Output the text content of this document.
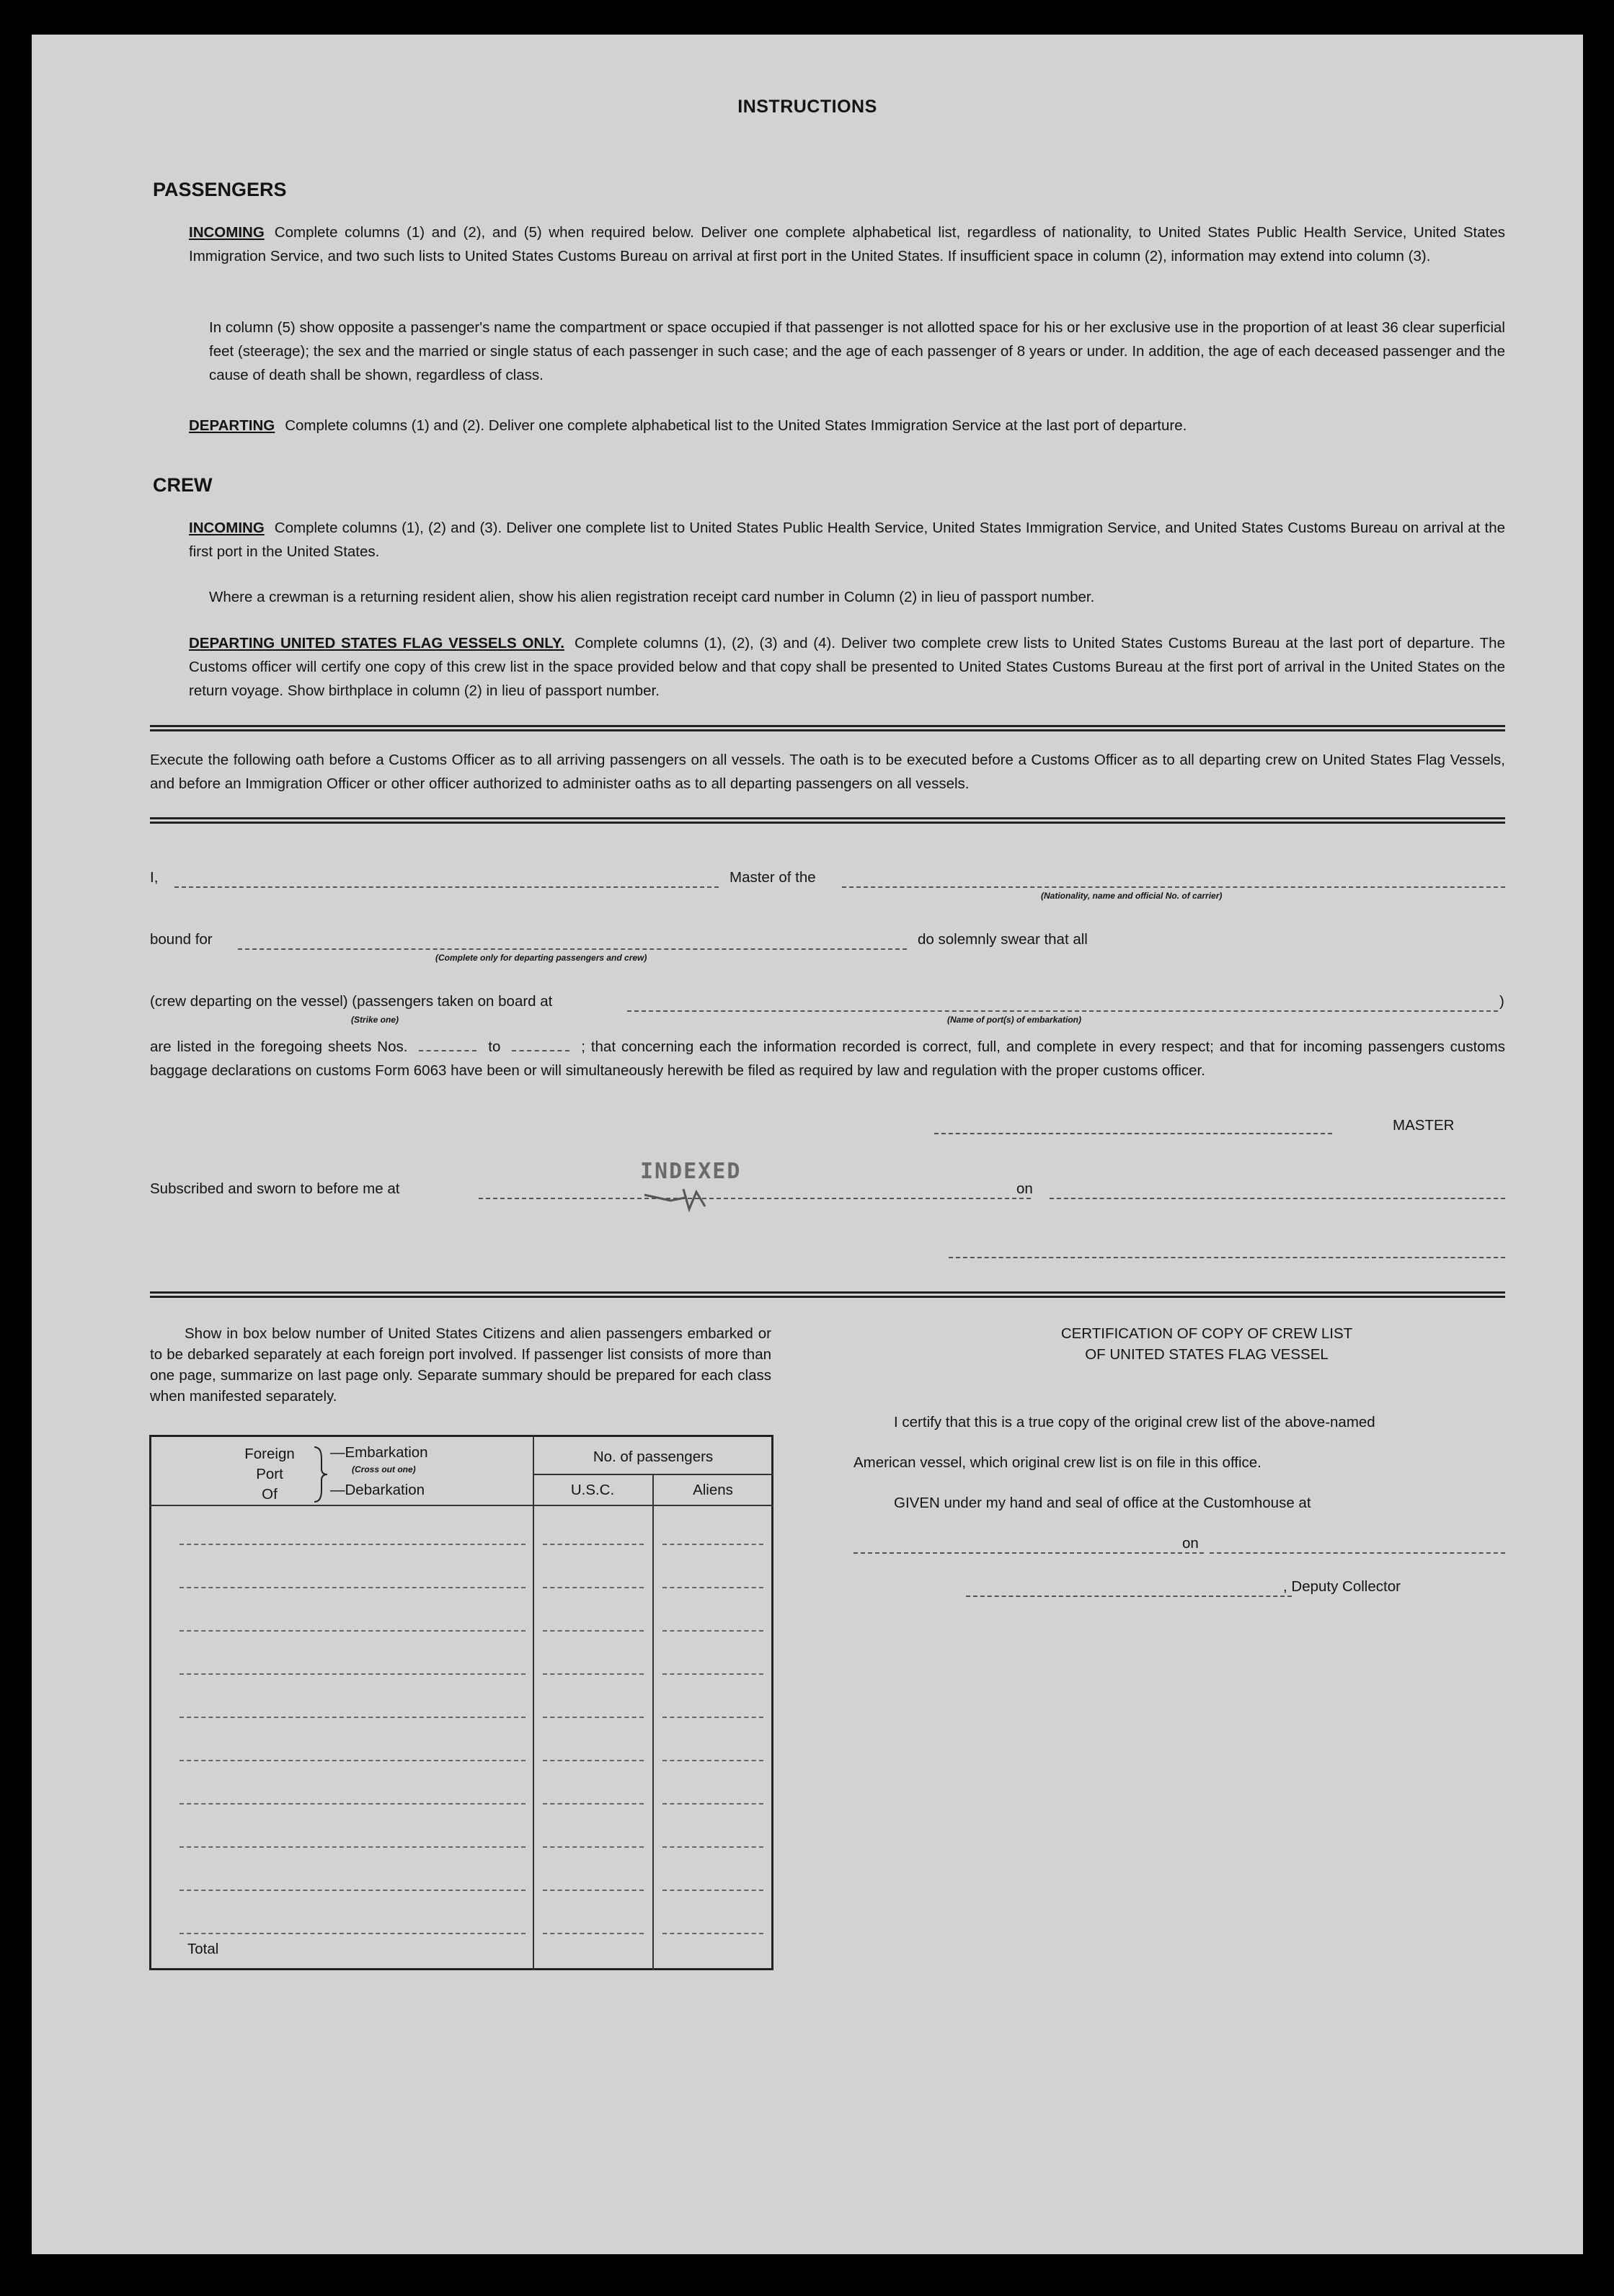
INSTRUCTIONS
PASSENGERS
INCOMING Complete columns (1) and (2), and (5) when required below. Deliver one complete alphabetical list, regardless of nationality, to United States Public Health Service, United States Immigration Service, and two such lists to United States Customs Bureau on arrival at first port in the United States. If insufficient space in column (2), information may extend into column (3).
In column (5) show opposite a passenger's name the compartment or space occupied if that passenger is not allotted space for his or her exclusive use in the proportion of at least 36 clear superficial feet (steerage); the sex and the married or single status of each passenger in such case; and the age of each passenger of 8 years or under. In addition, the age of each deceased passenger and the cause of death shall be shown, regardless of class.
DEPARTING Complete columns (1) and (2). Deliver one complete alphabetical list to the United States Immigration Service at the last port of departure.
CREW
INCOMING Complete columns (1), (2) and (3). Deliver one complete list to United States Public Health Service, United States Immigration Service, and United States Customs Bureau on arrival at the first port in the United States.
Where a crewman is a returning resident alien, show his alien registration receipt card number in Column (2) in lieu of passport number.
DEPARTING UNITED STATES FLAG VESSELS ONLY. Complete columns (1), (2), (3) and (4). Deliver two complete crew lists to United States Customs Bureau at the last port of departure. The Customs officer will certify one copy of this crew list in the space provided below and that copy shall be presented to United States Customs Bureau at the first port of arrival in the United States on the return voyage. Show birthplace in column (2) in lieu of passport number.
Execute the following oath before a Customs Officer as to all arriving passengers on all vessels. The oath is to be executed before a Customs Officer as to all departing crew on United States Flag Vessels, and before an Immigration Officer or other officer authorized to administer oaths as to all departing passengers on all vessels.
I,	Master of the
(Nationality, name and official No. of carrier)
bound for
(Complete only for departing passengers and crew)
do solemnly swear that all
(crew departing on the vessel) (passengers taken on board at	)
(Strike one)	(Name of port(s) of embarkation)
are listed in the foregoing sheets Nos.	to	; that concerning each the information recorded is correct, full, and complete in every respect; and that for incoming passengers customs baggage declarations on customs Form 6063 have been or will simultaneously herewith be filed as required by law and regulation with the proper customs officer.
MASTER
INDEXED
Subscribed and sworn to before me at	on
Show in box below number of United States Citizens and alien passengers embarked or to be debarked separately at each foreign port involved. If passenger list consists of more than one page, summarize on last page only. Separate summary should be prepared for each class when manifested separately.
Foreign
Port
Of
—Embarkation
(Cross out one)
—Debarkation
No. of passengers
U.S.C.	Aliens
Total
CERTIFICATION OF COPY OF CREW LIST
OF UNITED STATES FLAG VESSEL
I certify that this is a true copy of the original crew list of the above-named
American vessel, which original crew list is on file in this office.
GIVEN under my hand and seal of office at the Customhouse at
on
, Deputy Collector
